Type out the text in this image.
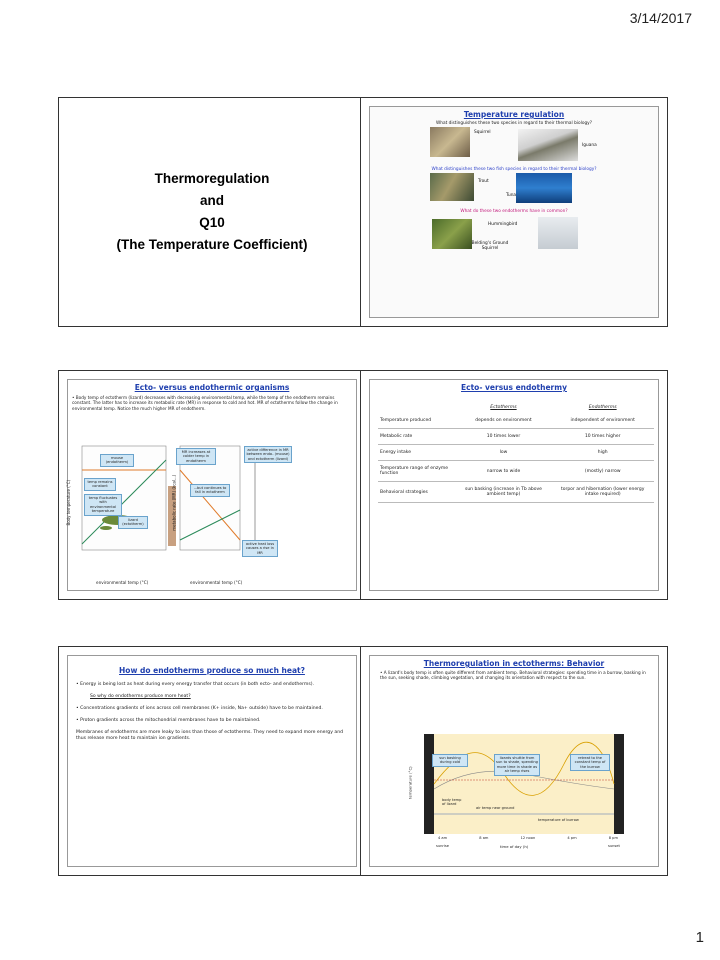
3/14/2017
Thermoregulation
and
Q10
(The Temperature Coefficient)
Temperature regulation
What distinguishes these two species in regard to their thermal biology?
Squirrel
Iguana
What distinguishes these two fish species in regard to their thermal biology?
Trout
Tuna
What do these two endotherms have in common?
Hummingbird
Belding's Ground Squirrel
Ecto- versus endothermic organisms
• Body temp of ectotherm (lizard) decreases with decreasing environmental temp, while the temp of the endotherm remains constant. The latter has to increase its metabolic rate (MR) in response to cold and hot. MR of ectotherms follow the change in environmental temp. Notice the much higher MR of endotherm.
Body temperature (°C)	metabolic rate (MR) (kcal...)
environmental temp (°C)	environmental temp (°C)
mouse (endotherm)
temp remains constant
temp fluctuates with environmental temperature
lizard (ectotherm)
MR increases at colder temp in endotherm
...but continues to fall in ectotherm
active difference in MR between endo- (mouse) and ectotherm (lizard)
active heat loss causes a rise in MR
Ecto- versus endothermy
	Ectotherms	Endotherms
Temperature produced	depends on environment	independent of environment
Metabolic rate	10 times lower	10 times higher
Energy intake	low	high
Temperature range of enzyme function	narrow to wide	(mostly) narrow
Behavioral strategies	sun basking (increase in Tb above ambient temp)	torpor and hibernation (lower energy intake required)
How do endotherms produce so much heat?

• Energy is being lost as heat during every energy transfer that occurs (in both ecto- and endotherms).

So why do endotherms produce more heat?

• Concentrations gradients of ions across cell membranes (K+ inside, Na+ outside) have to be maintained.

• Proton gradients across the mitochondrial membranes have to be maintained.

Membranes of endotherms are more leaky to ions than those of ectotherms. They need to expand more energy and thus release more heat to maintain ion gradients.

Thermoregulation in ectotherms: Behavior
• A lizard's body temp is often quite different from ambient temp. Behavioral strategies: spending time in a burrow, basking in the sun, seeking shade, climbing vegetation, and changing its orientation with respect to the sun.
sun basking during cold
lizards shuttle from sun to shade, spending more time in shade as air temp rises
retreat to the constant temp of the burrow
body temp of lizard
air temp near ground
temperature of burrow
temperature (°C)
4 am	8 am	12 noon	4 pm	8 pm
sunrise	time of day (h)	sunset
1
